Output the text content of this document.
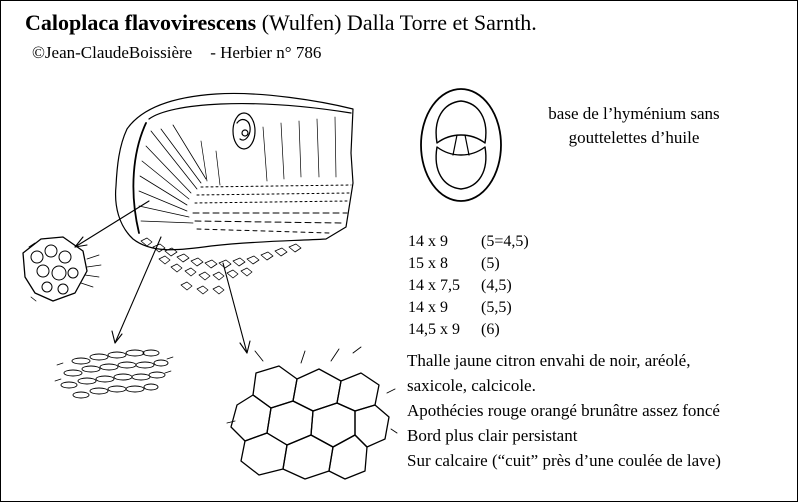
Caloplaca flavovirescens (Wulfen) Dalla Torre et Sarnth.
©Jean-ClaudeBoissière - Herbier n° 786
base de l’hyménium sans
gouttelettes d’huile
14 x 9	(5=4,5)
15 x 8	(5)
14 x 7,5	(4,5)
14 x 9	(5,5)
14,5 x 9	(6)
Thalle jaune citron envahi de noir, aréolé,
saxicole, calcicole.
Apothécies rouge orangé brunâtre assez foncé
Bord plus clair persistant
Sur calcaire (“cuit” près d’une coulée de lave)
